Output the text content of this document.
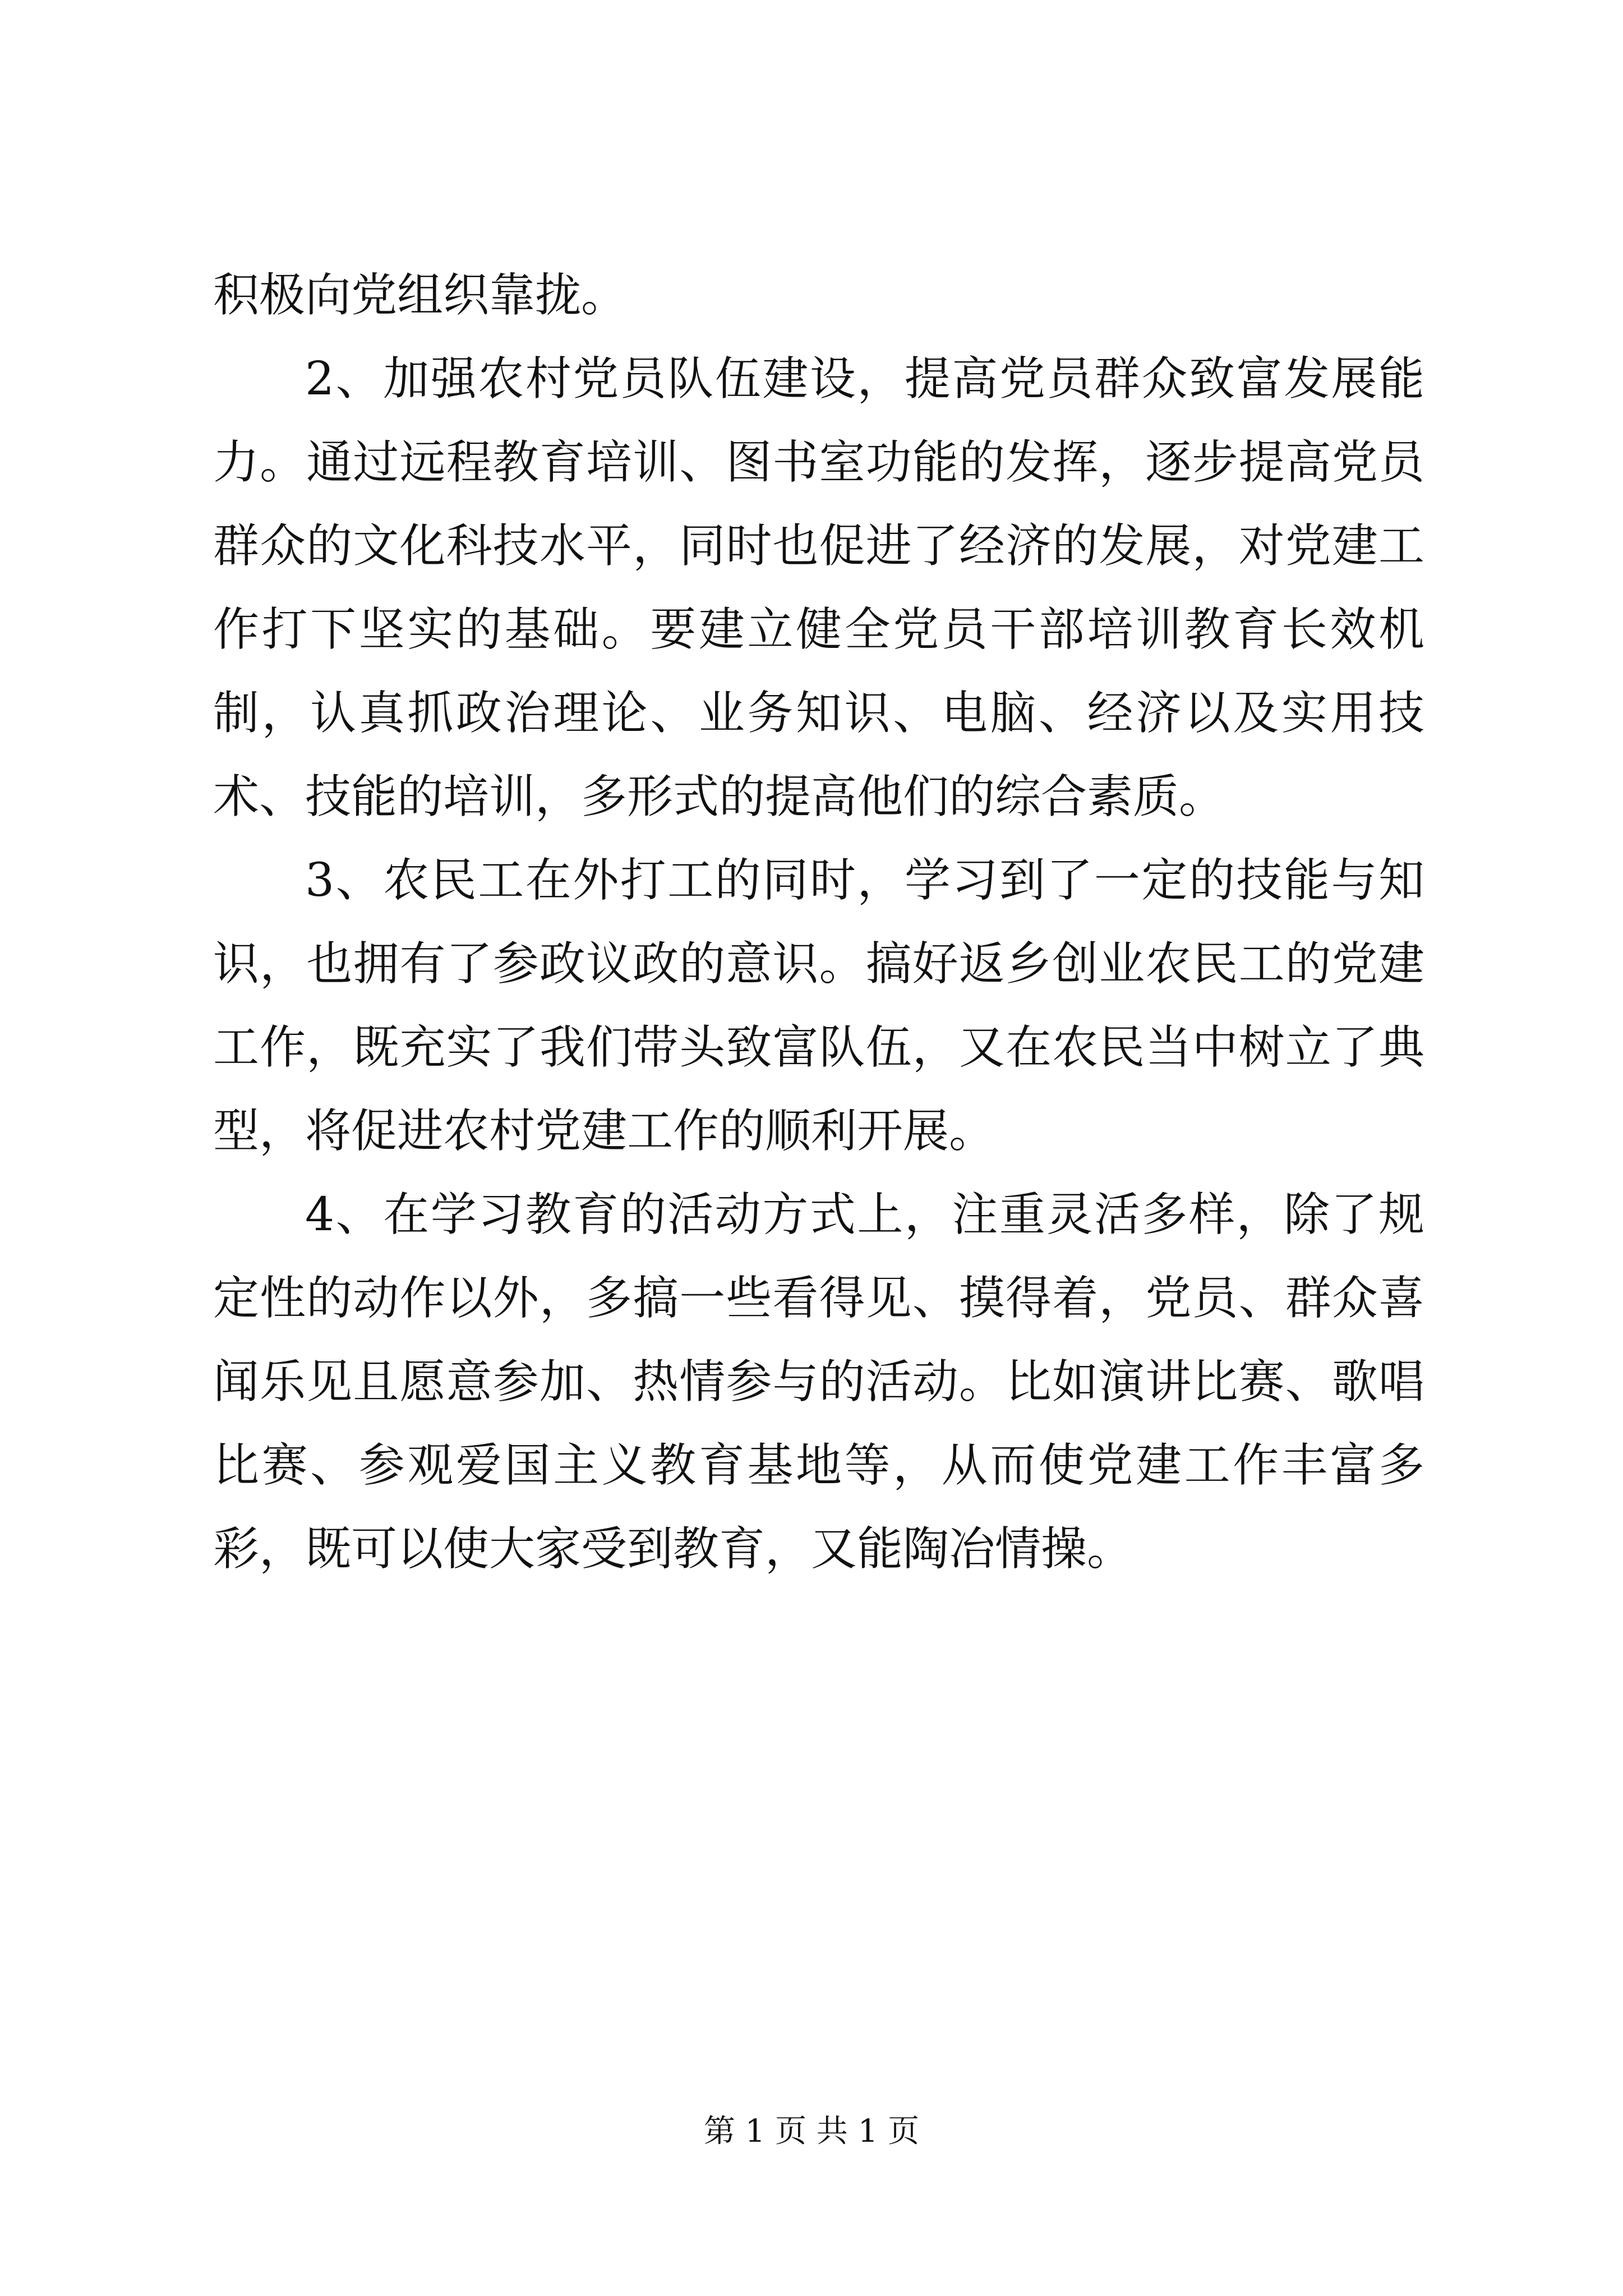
积极向党组织靠拢。

2、加强农村党员队伍建设，提高党员群众致富发展能力。通过远程教育培训、图书室功能的发挥，逐步提高党员群众的文化科技水平，同时也促进了经济的发展，对党建工作打下坚实的基础。要建立健全党员干部培训教育长效机制，认真抓政治理论、业务知识、电脑、经济以及实用技术、技能的培训，多形式的提高他们的综合素质。

3、农民工在外打工的同时，学习到了一定的技能与知识，也拥有了参政议政的意识。搞好返乡创业农民工的党建工作，既充实了我们带头致富队伍，又在农民当中树立了典型，将促进农村党建工作的顺利开展。

4、在学习教育的活动方式上，注重灵活多样，除了规定性的动作以外，多搞一些看得见、摸得着，党员、群众喜闻乐见且愿意参加、热情参与的活动。比如演讲比赛、歌唱比赛、参观爱国主义教育基地等，从而使党建工作丰富多彩，既可以使大家受到教育，又能陶冶情操。

第 1 页 共 1 页
